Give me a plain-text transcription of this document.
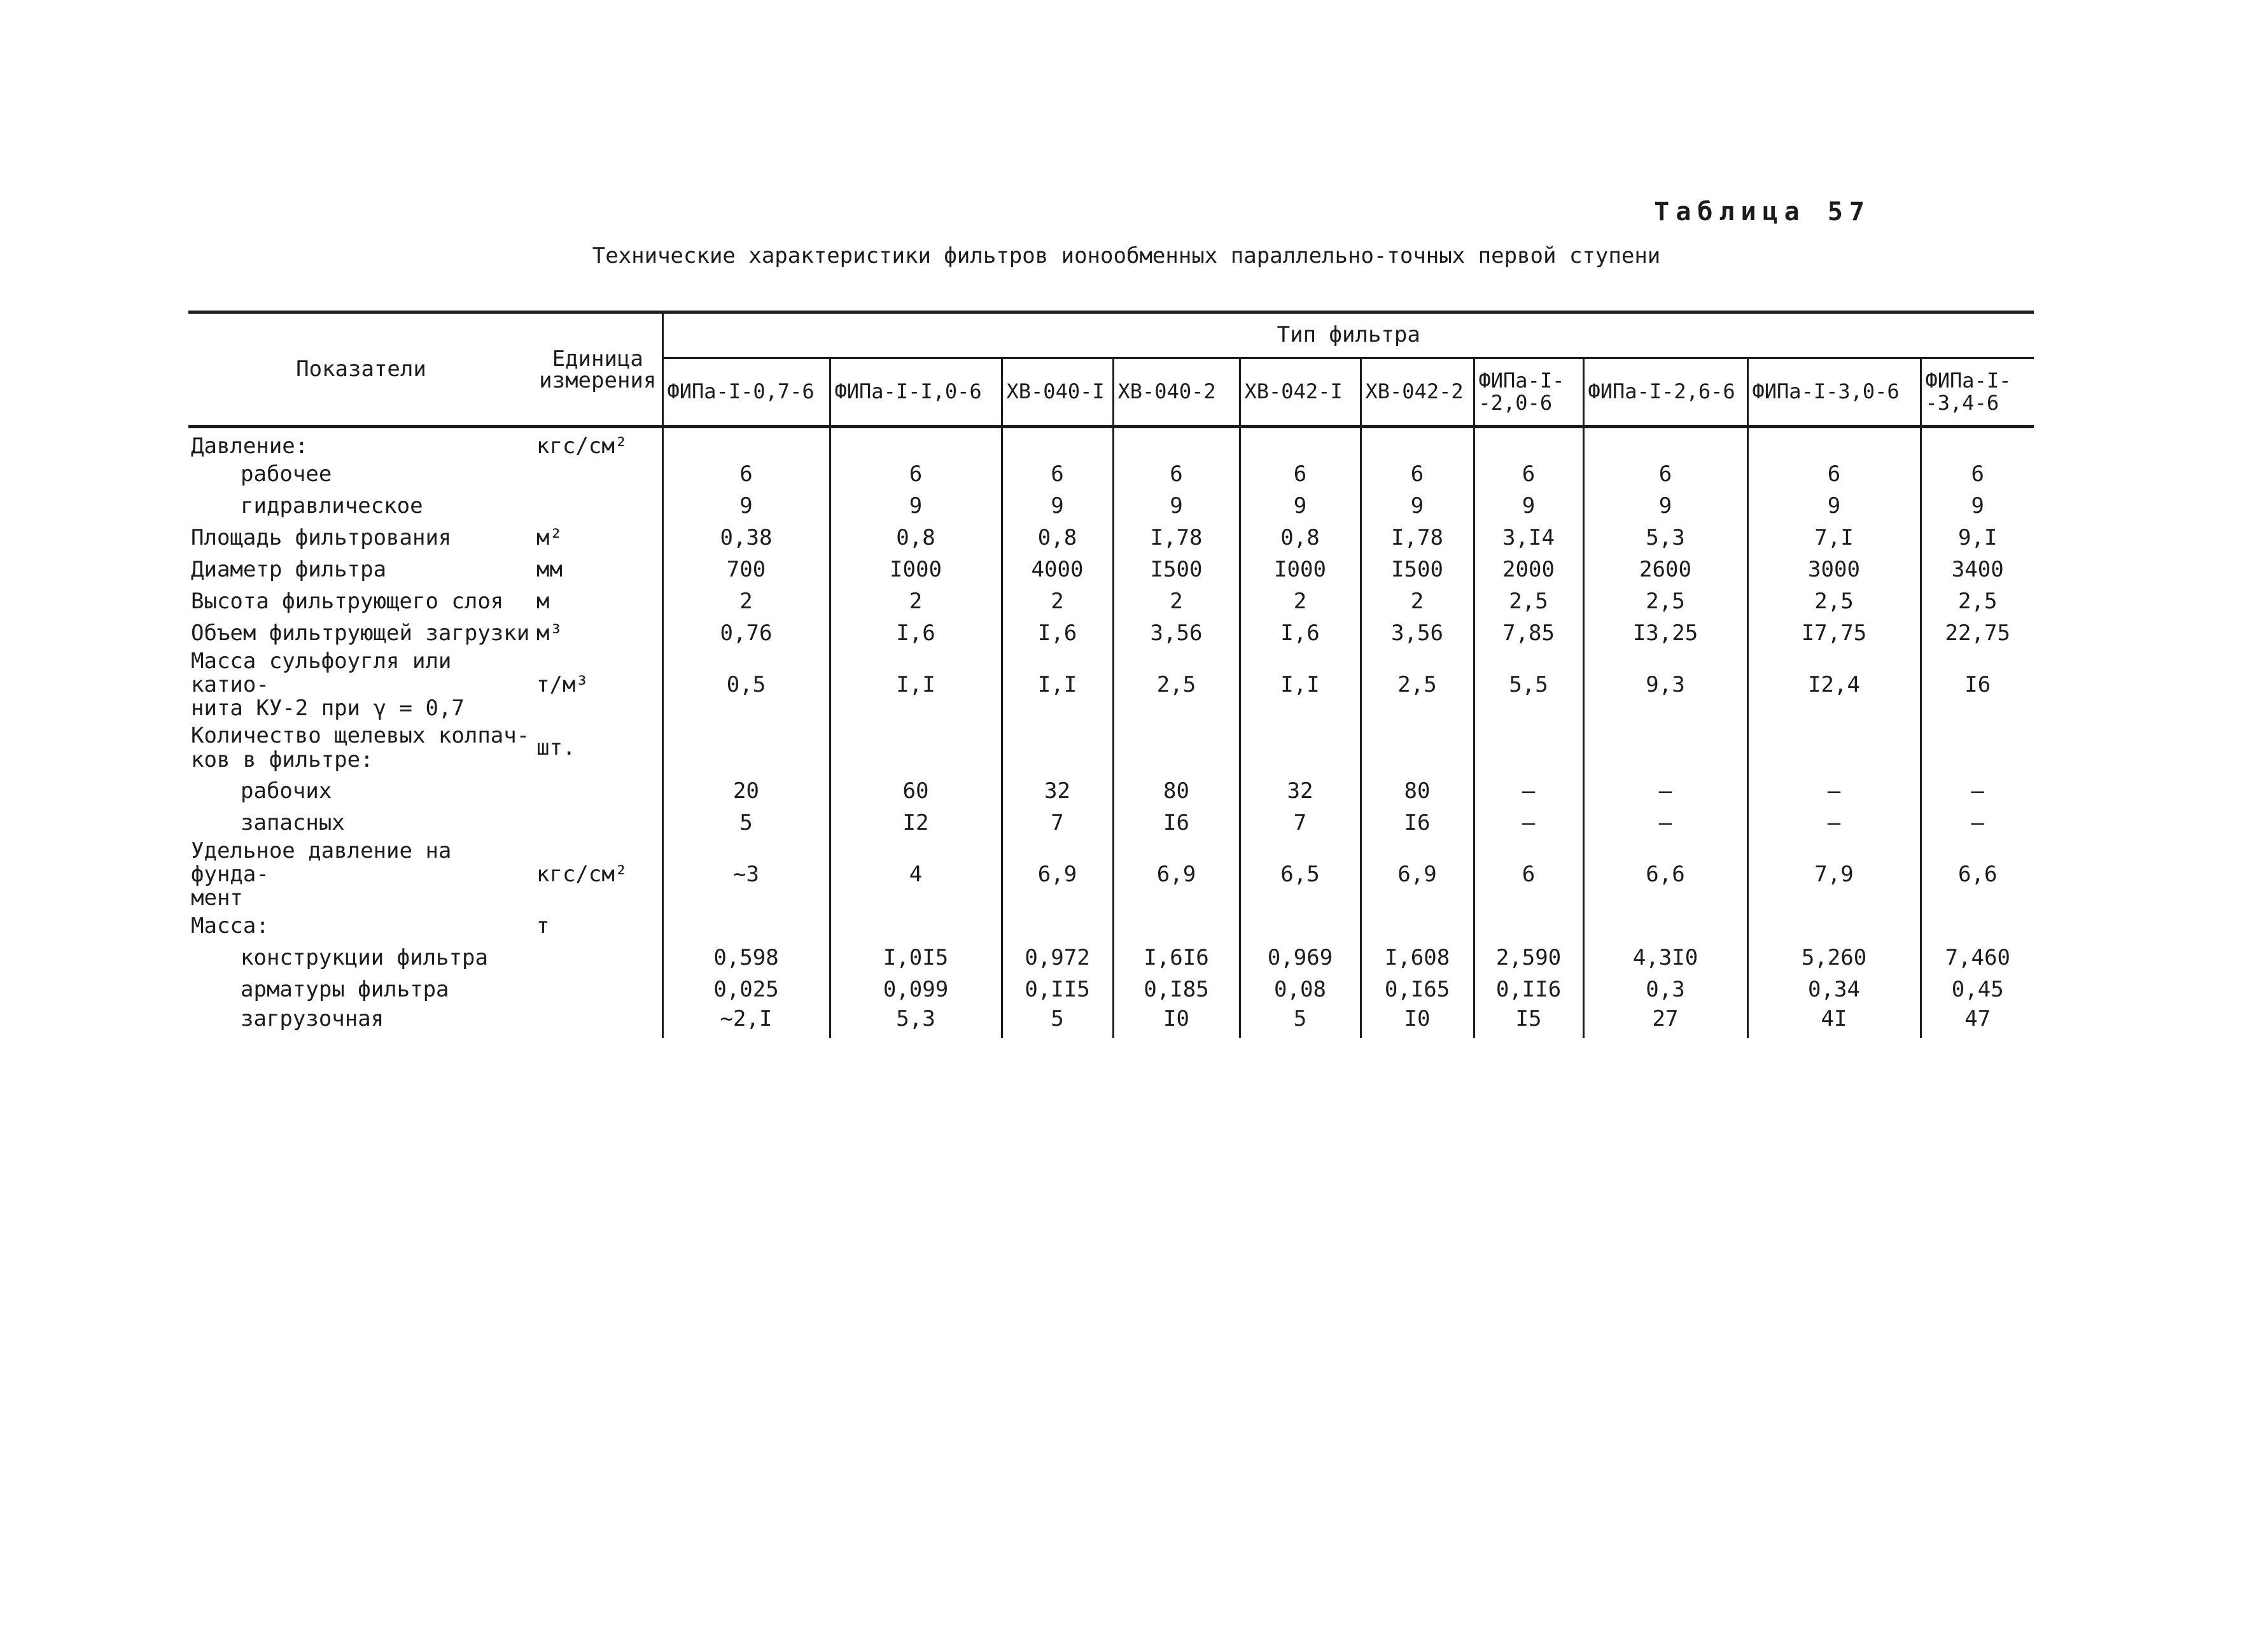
Таблица 57
Технические характеристики фильтров ионообменных параллельно-точных первой ступени
Показатели	Единица измерения	Тип фильтра									
		ФИПа-I-0,7-6	ФИПа-I-I,0-6	ХВ-040-I	ХВ-040-2	ХВ-042-I	ХВ-042-2	ФИПа-I-
-2,0-6	ФИПа-I-2,6-6	ФИПа-I-3,0-6	ФИПа-I-
-3,4-6
Давление:	кгс/см²										
рабочее		6	6	6	6	6	6	6	6	6	6
гидравлическое		9	9	9	9	9	9	9	9	9	9
Площадь фильтрования	м²	0,38	0,8	0,8	I,78	0,8	I,78	3,I4	5,3	7,I	9,I
Диаметр фильтра	мм	700	I000	4000	I500	I000	I500	2000	2600	3000	3400
Высота фильтрующего слоя	м	2	2	2	2	2	2	2,5	2,5	2,5	2,5
Объем фильтрующей загрузки	м³	0,76	I,6	I,6	3,56	I,6	3,56	7,85	I3,25	I7,75	22,75
Масса сульфоугля или катио-
нита КУ-2 при γ = 0,7	т/м³	0,5	I,I	I,I	2,5	I,I	2,5	5,5	9,3	I2,4	I6
Количество щелевых колпач-
ков в фильтре:	шт.										
рабочих		20	60	32	80	32	80	–	–	–	–
запасных		5	I2	7	I6	7	I6	–	–	–	–
Удельное давление на фунда-
мент	кгс/см²	~3	4	6,9	6,9	6,5	6,9	6	6,6	7,9	6,6
Масса:	т										
конструкции фильтра		0,598	I,0I5	0,972	I,6I6	0,969	I,608	2,590	4,3I0	5,260	7,460
арматуры фильтра		0,025	0,099	0,II5	0,I85	0,08	0,I65	0,II6	0,3	0,34	0,45
загрузочная		~2,I	5,3	5	I0	5	I0	I5	27	4I	47
